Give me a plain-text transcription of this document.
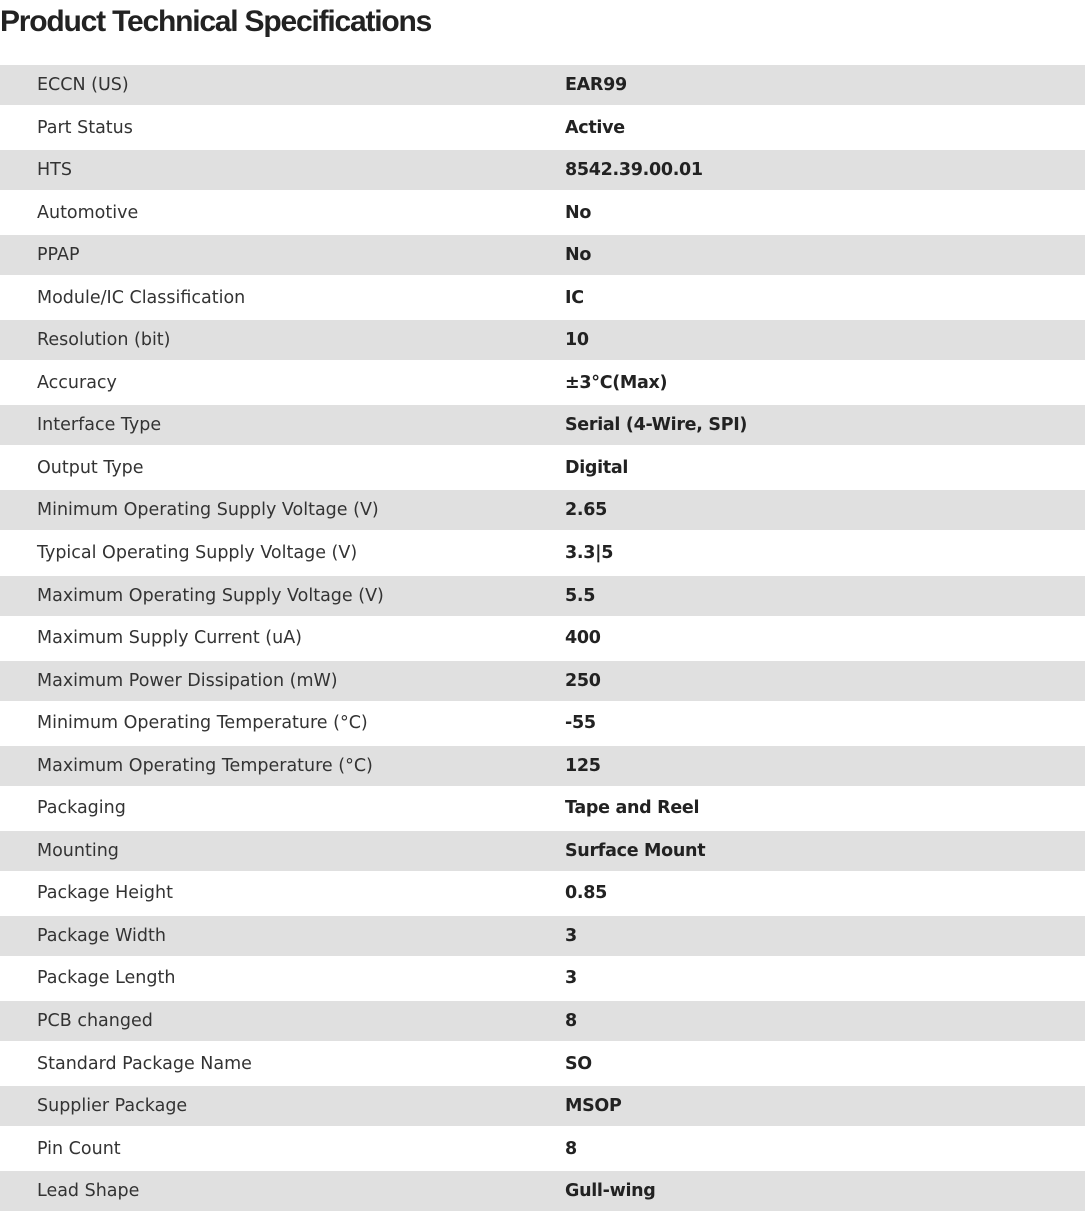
Product Technical Specifications
ECCN (US)	EAR99
Part Status	Active
HTS	8542.39.00.01
Automotive	No
PPAP	No
Module/IC Classification	IC
Resolution (bit)	10
Accuracy	±3°C(Max)
Interface Type	Serial (4-Wire, SPI)
Output Type	Digital
Minimum Operating Supply Voltage (V)	2.65
Typical Operating Supply Voltage (V)	3.3|5
Maximum Operating Supply Voltage (V)	5.5
Maximum Supply Current (uA)	400
Maximum Power Dissipation (mW)	250
Minimum Operating Temperature (°C)	-55
Maximum Operating Temperature (°C)	125
Packaging	Tape and Reel
Mounting	Surface Mount
Package Height	0.85
Package Width	3
Package Length	3
PCB changed	8
Standard Package Name	SO
Supplier Package	MSOP
Pin Count	8
Lead Shape	Gull-wing
